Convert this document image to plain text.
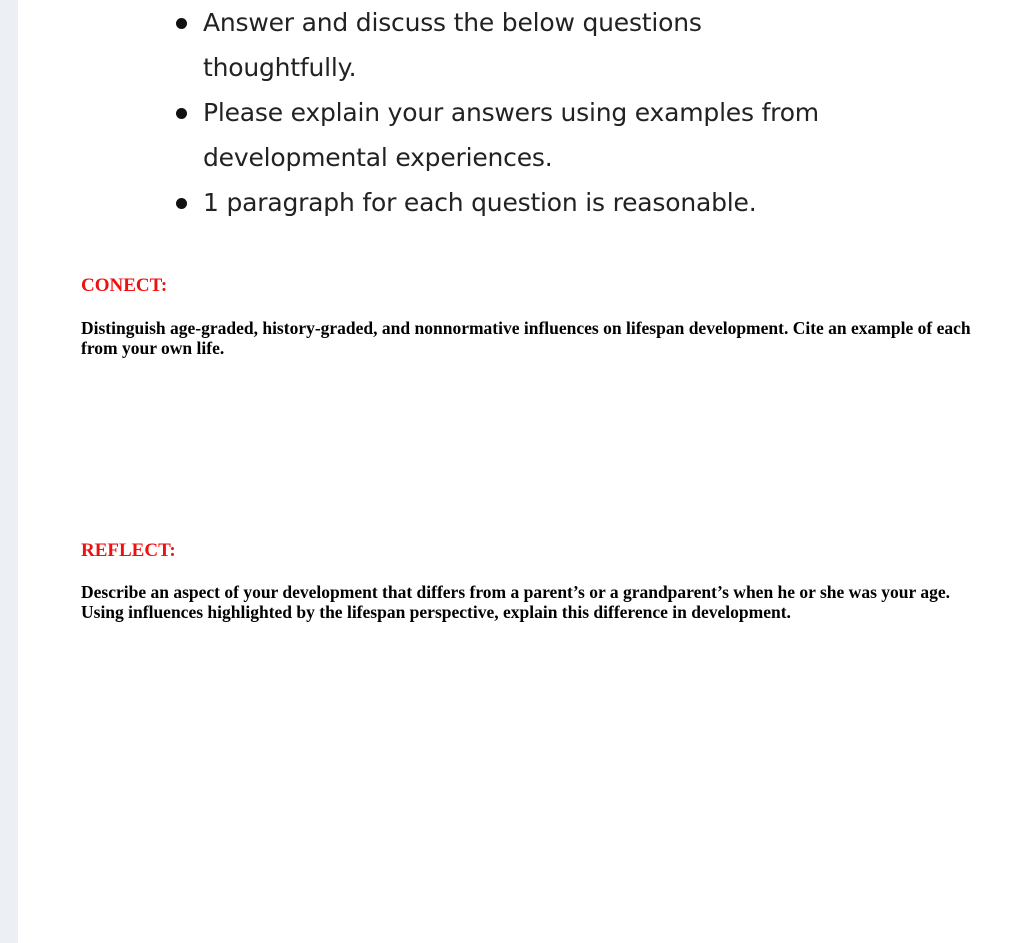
Answer and discuss the below questions thoughtfully.
Please explain your answers using examples from developmental experiences.
1 paragraph for each question is reasonable.

CONECT:

Distinguish age-graded, history-graded, and nonnormative influences on lifespan development. Cite an example of each from your own life.

REFLECT:

Describe an aspect of your development that differs from a parent’s or a grandparent’s when he or she was your age. Using influences highlighted by the lifespan perspective, explain this difference in development.
